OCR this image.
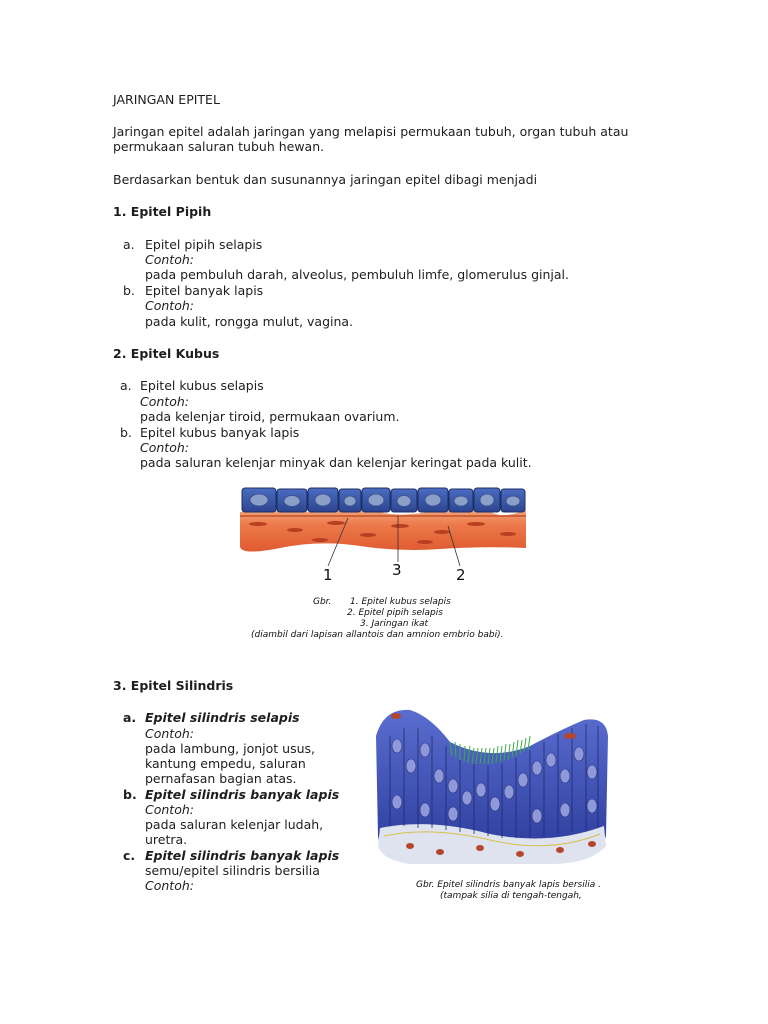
JARINGAN EPITEL
Jaringan epitel adalah jaringan yang melapisi permukaan tubuh, organ tubuh atau
permukaan saluran tubuh hewan.
Berdasarkan bentuk dan susunannya jaringan epitel dibagi menjadi
1. Epitel Pipih
a. Epitel pipih selapis
Contoh:
pada pembuluh darah, alveolus, pembuluh limfe, glomerulus ginjal.
b. Epitel banyak lapis
Contoh:
pada kulit, rongga mulut, vagina.
2. Epitel Kubus
a. Epitel kubus selapis
Contoh:
pada kelenjar tiroid, permukaan ovarium.
b. Epitel kubus banyak lapis
Contoh:
pada saluran kelenjar minyak dan kelenjar keringat pada kulit.
1	3	2
Gbr. 1. Epitel kubus selapis
2. Epitel pipih selapis
3. Jaringan ikat
(diambil dari lapisan allantois dan amnion embrio babi).
3. Epitel Silindris
a. Epitel silindris selapis
Contoh:
pada lambung, jonjot usus,
kantung empedu, saluran
pernafasan bagian atas.
b. Epitel silindris banyak lapis
Contoh:
pada saluran kelenjar ludah,
uretra.
c. Epitel silindris banyak lapis
semu/epitel silindris bersilia
Contoh:	Gbr. Epitel silindris banyak lapis bersilia .
(tampak silia di tengah-tengah,
